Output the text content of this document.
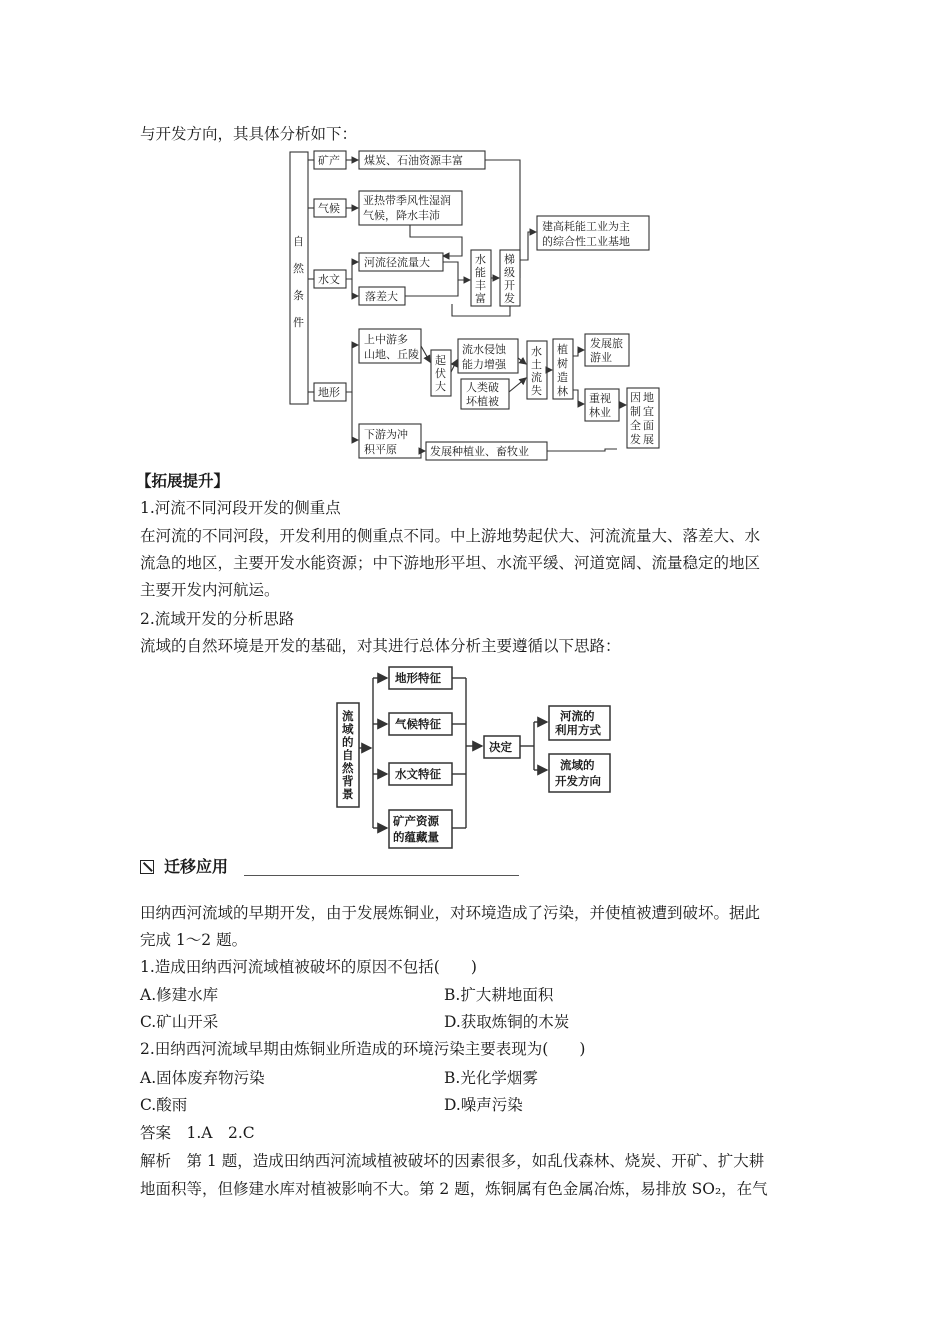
与开发方向，其具体分析如下：
自
然
条
件
矿产 煤炭、石油资源丰富
气候
亚热带季风性湿润
气候，降水丰沛
水文
河流径流量大
落差大
水
能
丰
富
梯
级
开
发
建高耗能工业为主
的综合性工业基地
地形
上中游多
山地、丘陵 起
伏
大
流水侵蚀
能力增强
人类破
坏植被
水
土
流
失
植
树
造
林
发展旅
游业
重视
林业
因 地
制 宜
全 面
发 展
下游为冲
积平原	发展种植业、畜牧业
【拓展提升】
1.河流不同河段开发的侧重点
在河流的不同河段，开发利用的侧重点不同。中上游地势起伏大、河流流量大、落差大、水
流急的地区，主要开发水能资源；中下游地形平坦、水流平缓、河道宽阔、流量稳定的地区
主要开发内河航运。
2.流域开发的分析思路
流域的自然环境是开发的基础，对其进行总体分析主要遵循以下思路：
流
域
的
自
然
背
景
地形特征
气候特征
水文特征
矿产资源
的蕴藏量
决定
河流的
利用方式
流域的
开发方向
迁移应用
田纳西河流域的早期开发，由于发展炼铜业，对环境造成了污染，并使植被遭到破坏。据此
完成 1～2 题。
1.造成田纳西河流域植被破坏的原因不包括(　　)
A.修建水库	B.扩大耕地面积
C.矿山开采	D.获取炼铜的木炭
2.田纳西河流域早期由炼铜业所造成的环境污染主要表现为(　　)
A.固体废弃物污染	B.光化学烟雾
C.酸雨	D.噪声污染
答案　1.A　2.C
解析　第 1 题，造成田纳西河流域植被破坏的因素很多，如乱伐森林、烧炭、开矿、扩大耕
地面积等，但修建水库对植被影响不大。第 2 题，炼铜属有色金属冶炼，易排放 SO₂，在气
